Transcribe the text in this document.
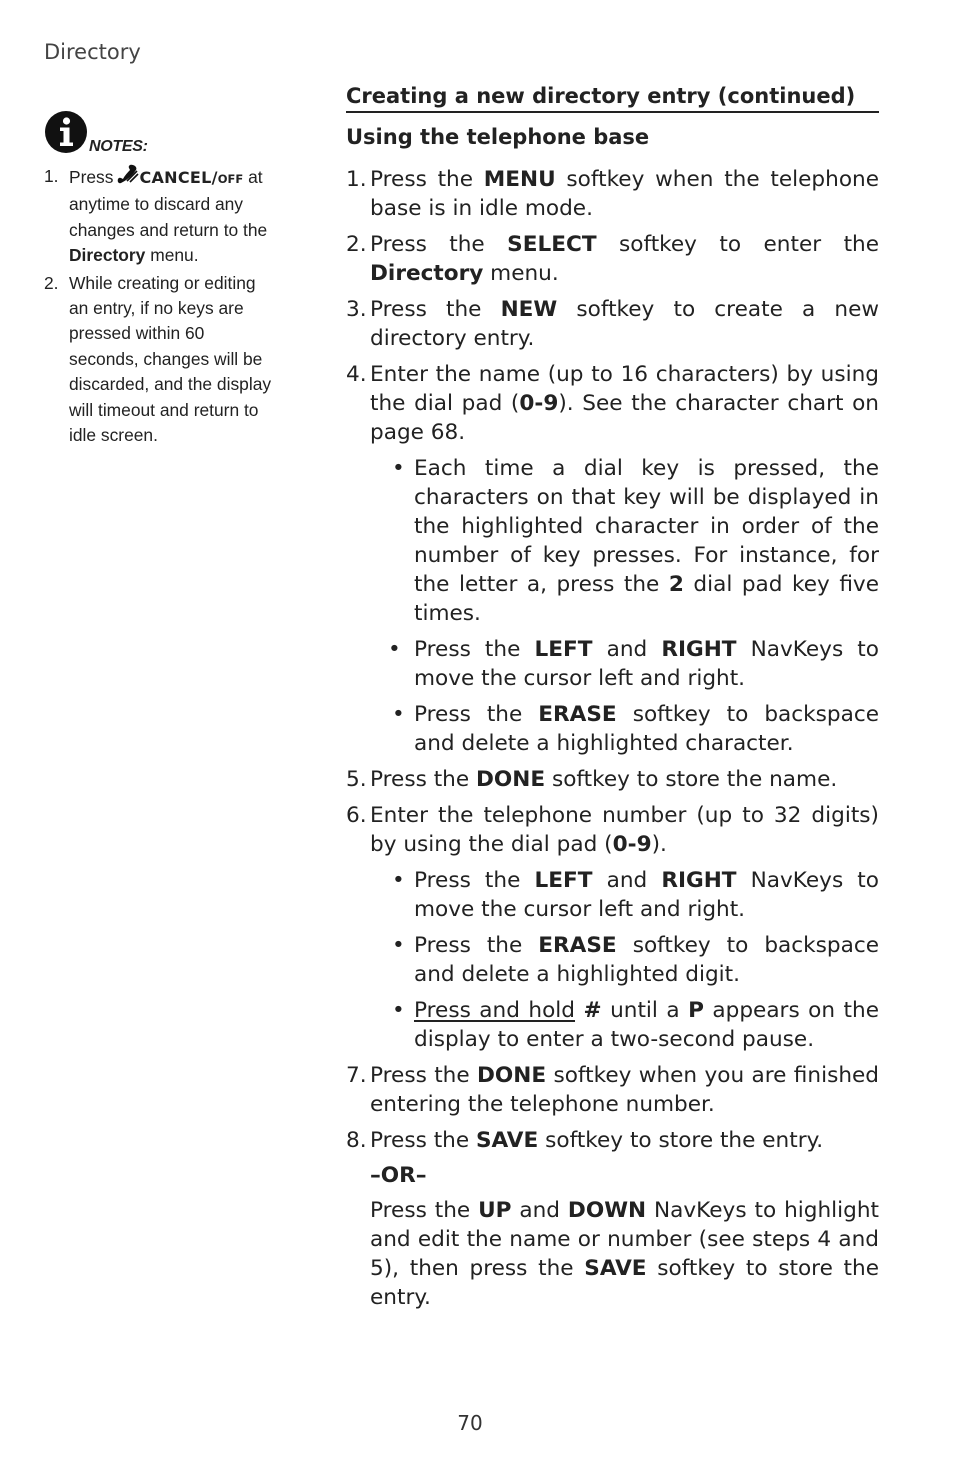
Directory
NOTES:
1. Press CANCEL/OFF at anytime to discard any changes and return to the Directory menu.
2. While creating or editing an entry, if no keys are pressed within 60 seconds, changes will be discarded, and the display will timeout and return to idle screen.
Creating a new directory entry (continued)
Using the telephone base
1. Press the MENU softkey when the telephone base is in idle mode.
2. Press the SELECT softkey to enter the Directory menu.
3. Press the NEW softkey to create a new directory entry.
4. Enter the name (up to 16 characters) by using the dial pad (0-9). See the character chart on page 68.
• Each time a dial key is pressed, the characters on that key will be displayed in the highlighted character in order of the number of key presses. For instance, for the letter a, press the 2 dial pad key five times.
• Press the LEFT and RIGHT NavKeys to move the cursor left and right.
• Press the ERASE softkey to backspace and delete a highlighted character.
5. Press the DONE softkey to store the name.
6. Enter the telephone number (up to 32 digits) by using the dial pad (0-9).
• Press the LEFT and RIGHT NavKeys to move the cursor left and right.
• Press the ERASE softkey to backspace and delete a highlighted digit.
• Press and hold # until a P appears on the display to enter a two-second pause.
7. Press the DONE softkey when you are finished entering the telephone number.
8. Press the SAVE softkey to store the entry.
–OR–
Press the UP and DOWN NavKeys to highlight and edit the name or number (see steps 4 and 5), then press the SAVE softkey to store the entry.
70
